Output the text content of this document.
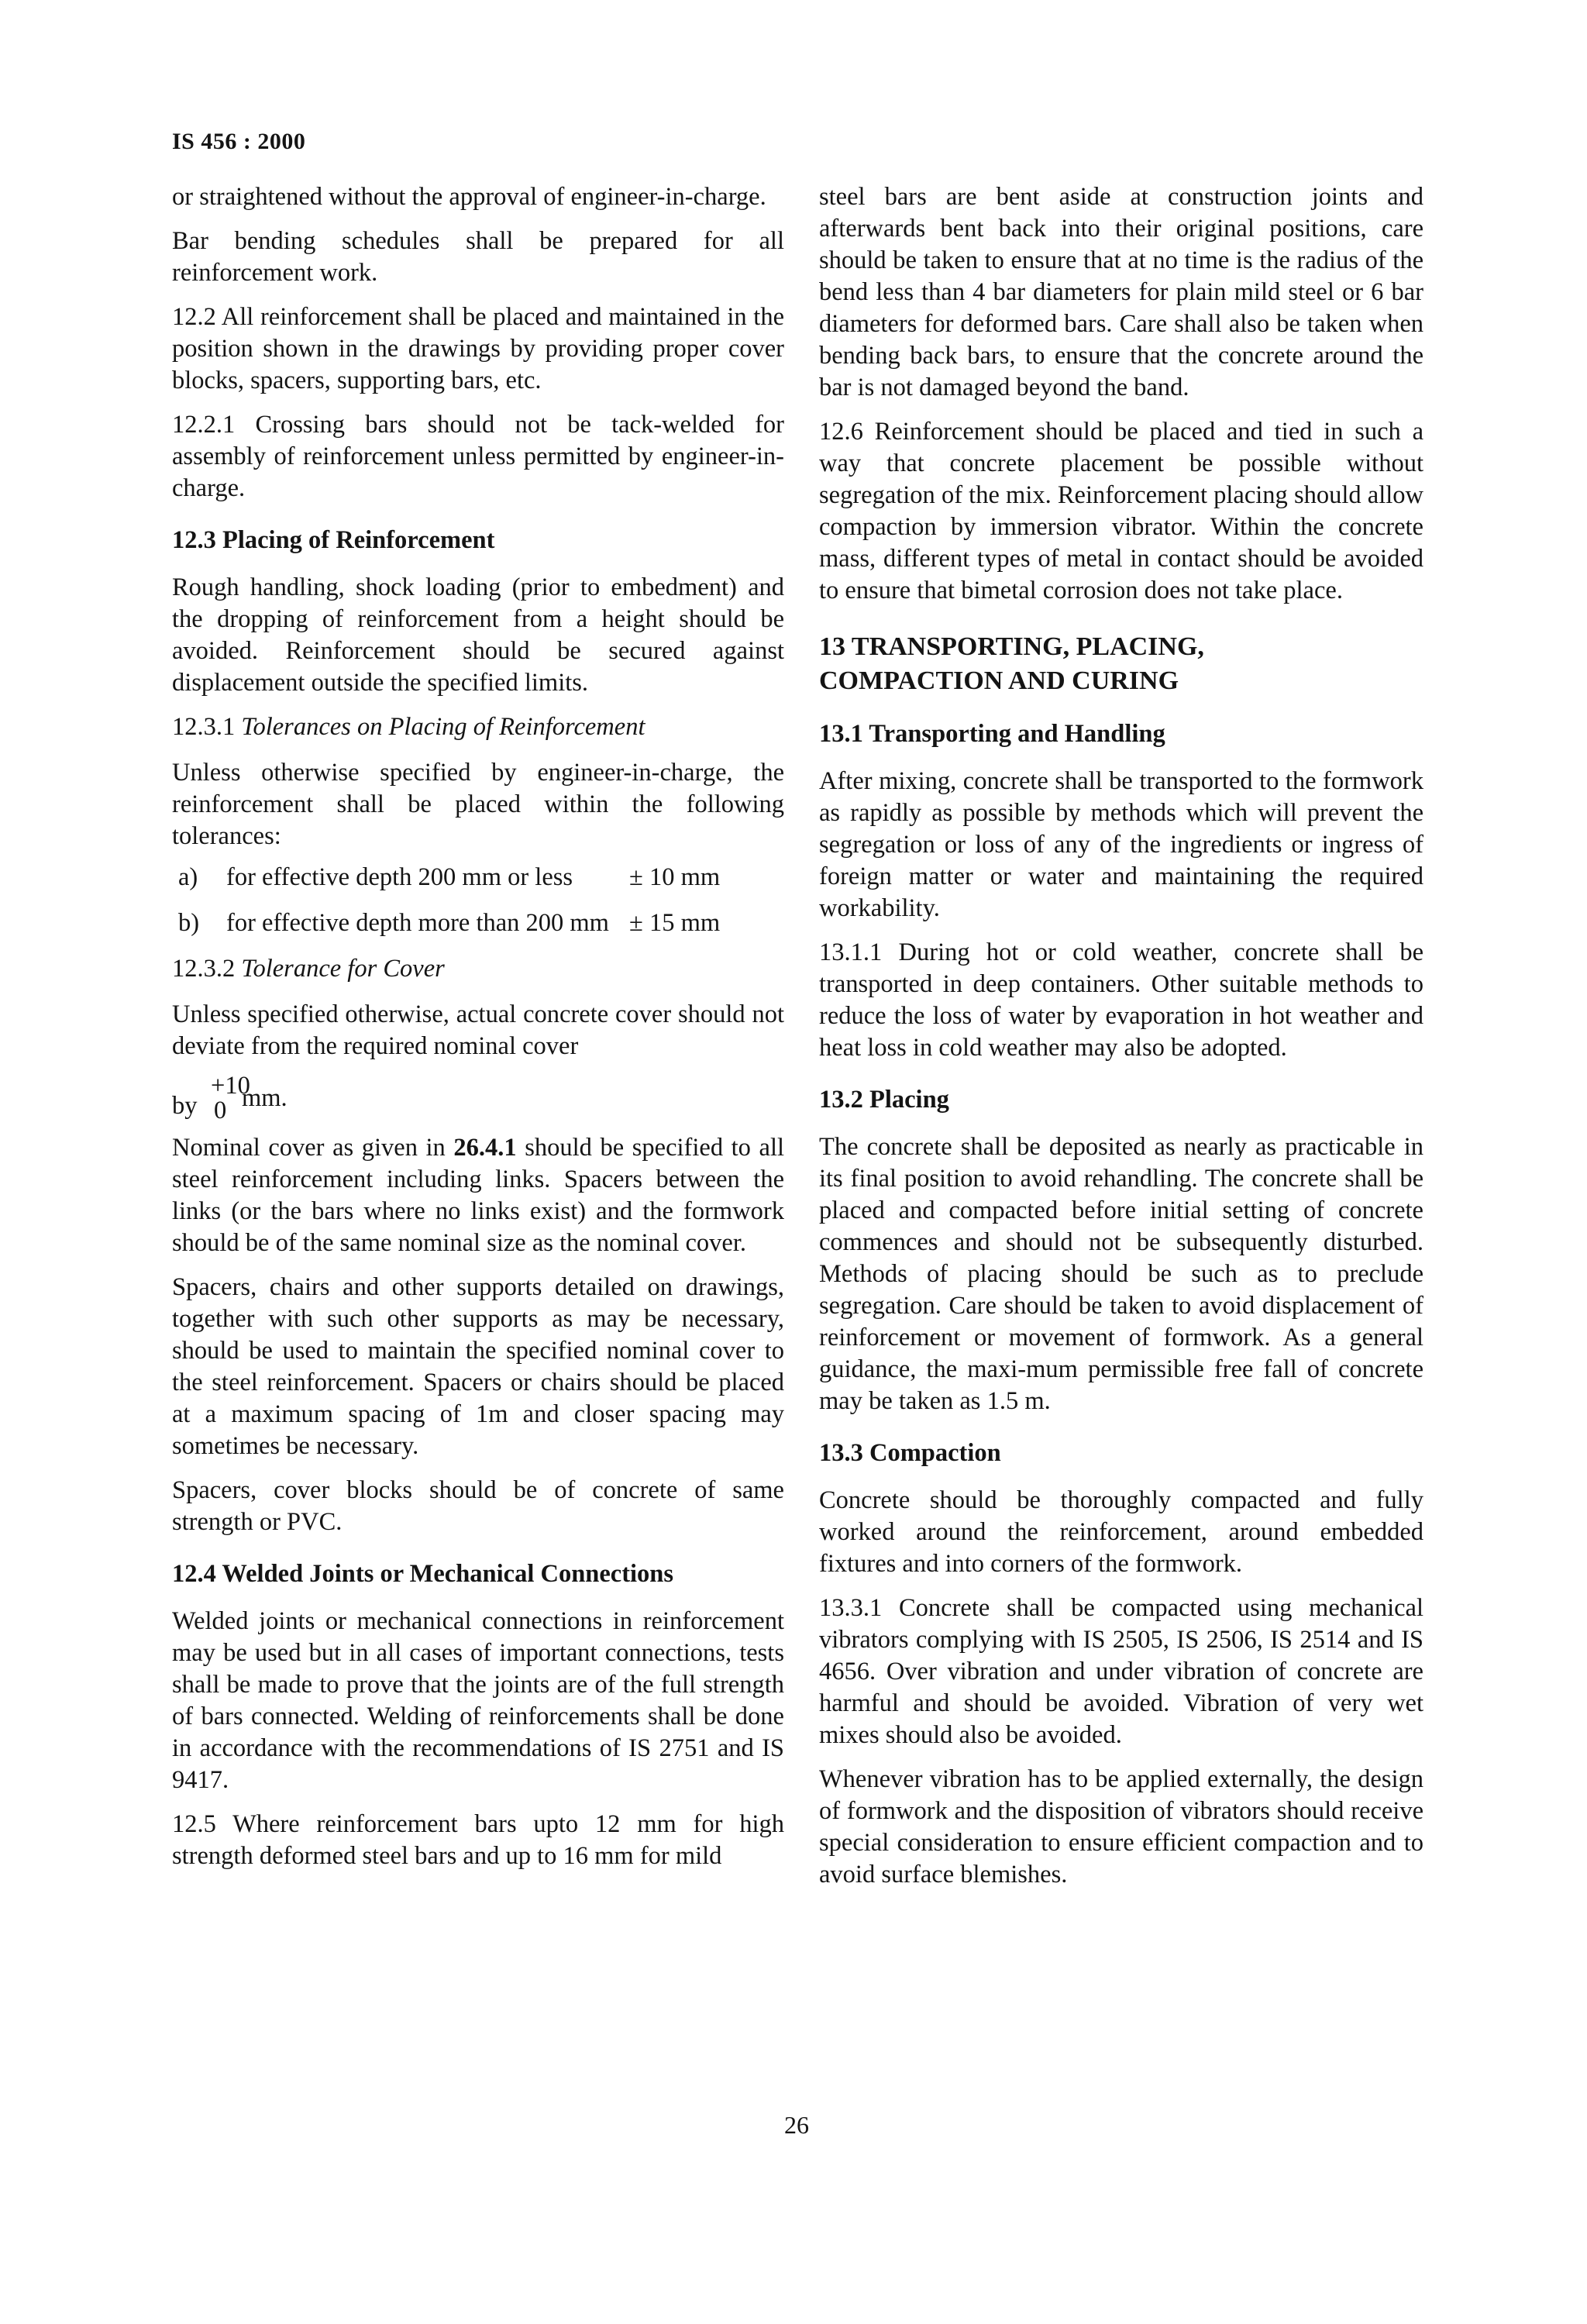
IS 456 : 2000

or straightened without the approval of engineer-in-charge.

Bar bending schedules shall be prepared for all reinforcement work.

12.2 All reinforcement shall be placed and maintained in the position shown in the drawings by providing proper cover blocks, spacers, supporting bars, etc.

12.2.1 Crossing bars should not be tack-welded for assembly of reinforcement unless permitted by engineer-in-charge.

12.3 Placing of Reinforcement

Rough handling, shock loading (prior to embedment) and the dropping of reinforcement from a height should be avoided. Reinforcement should be secured against displacement outside the specified limits.

12.3.1 Tolerances on Placing of Reinforcement

Unless otherwise specified by engineer-in-charge, the reinforcement shall be placed within the following tolerances:

a)	for effective depth 200 mm or less	± 10 mm
b)	for effective depth more than 200 mm ± 15 mm
12.3.2 Tolerance for Cover

Unless specified otherwise, actual concrete cover should not deviate from the required nominal cover

by
+10
0 mm.

Nominal cover as given in 26.4.1 should be specified to all steel reinforcement including links. Spacers between the links (or the bars where no links exist) and the formwork should be of the same nominal size as the nominal cover.

Spacers, chairs and other supports detailed on drawings, together with such other supports as may be necessary, should be used to maintain the specified nominal cover to the steel reinforcement. Spacers or chairs should be placed at a maximum spacing of 1m and closer spacing may sometimes be necessary.

Spacers, cover blocks should be of concrete of same strength or PVC.

12.4 Welded Joints or Mechanical Connections

Welded joints or mechanical connections in reinforcement may be used but in all cases of important connections, tests shall be made to prove that the joints are of the full strength of bars connected. Welding of reinforcements shall be done in accordance with the recommendations of IS 2751 and IS 9417.

12.5 Where reinforcement bars upto 12 mm for high strength deformed steel bars and up to 16 mm for mild

steel bars are bent aside at construction joints and afterwards bent back into their original positions, care should be taken to ensure that at no time is the radius of the bend less than 4 bar diameters for plain mild steel or 6 bar diameters for deformed bars. Care shall also be taken when bending back bars, to ensure that the concrete around the bar is not damaged beyond the band.

12.6 Reinforcement should be placed and tied in such a way that concrete placement be possible without segregation of the mix. Reinforcement placing should allow compaction by immersion vibrator. Within the concrete mass, different types of metal in contact should be avoided to ensure that bimetal corrosion does not take place.

13 TRANSPORTING, PLACING,
COMPACTION AND CURING
13.1 Transporting and Handling

After mixing, concrete shall be transported to the formwork as rapidly as possible by methods which will prevent the segregation or loss of any of the ingredients or ingress of foreign matter or water and maintaining the required workability.

13.1.1 During hot or cold weather, concrete shall be transported in deep containers. Other suitable methods to reduce the loss of water by evaporation in hot weather and heat loss in cold weather may also be adopted.

13.2 Placing

The concrete shall be deposited as nearly as practicable in its final position to avoid rehandling. The concrete shall be placed and compacted before initial setting of concrete commences and should not be subsequently disturbed. Methods of placing should be such as to preclude segregation. Care should be taken to avoid displacement of reinforcement or movement of formwork. As a general guidance, the maxi-mum permissible free fall of concrete may be taken as 1.5 m.

13.3 Compaction

Concrete should be thoroughly compacted and fully worked around the reinforcement, around embedded fixtures and into corners of the formwork.

13.3.1 Concrete shall be compacted using mechanical vibrators complying with IS 2505, IS 2506, IS 2514 and IS 4656. Over vibration and under vibration of concrete are harmful and should be avoided. Vibration of very wet mixes should also be avoided.

Whenever vibration has to be applied externally, the design of formwork and the disposition of vibrators should receive special consideration to ensure efficient compaction and to avoid surface blemishes.

26
